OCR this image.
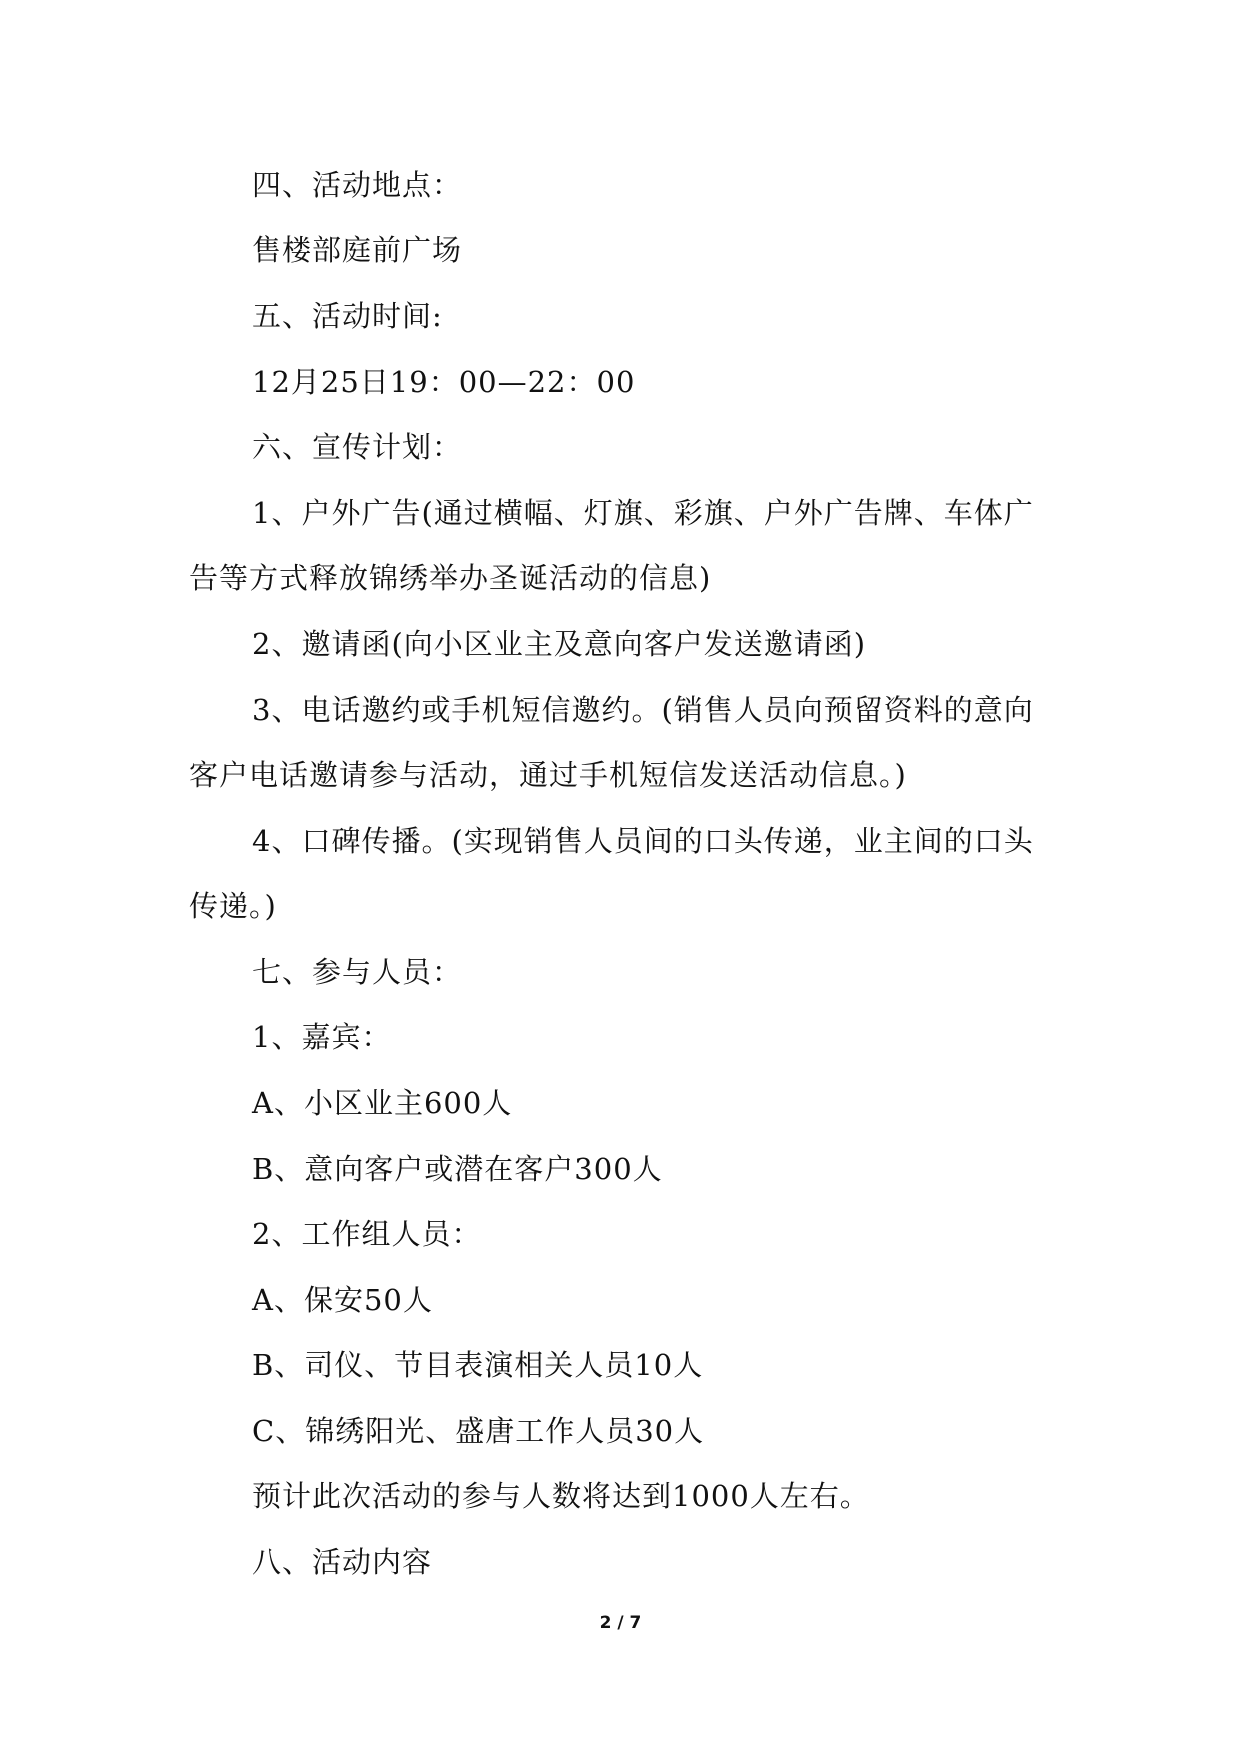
四、活动地点：
售楼部庭前广场
五、活动时间:
12月25日19：00—22：00
六、宣传计划：
1、户外广告(通过横幅、灯旗、彩旗、户外广告牌、车体广
告等方式释放锦绣举办圣诞活动的信息)
2、邀请函(向小区业主及意向客户发送邀请函)
3、电话邀约或手机短信邀约。(销售人员向预留资料的意向
客户电话邀请参与活动，通过手机短信发送活动信息。)
4、口碑传播。(实现销售人员间的口头传递，业主间的口头
传递。)
七、参与人员：
1、嘉宾：
A、小区业主600人
B、意向客户或潜在客户300人
2、工作组人员：
A、保安50人
B、司仪、节目表演相关人员10人
C、锦绣阳光、盛唐工作人员30人
预计此次活动的参与人数将达到1000人左右。
八、活动内容
2 / 7
